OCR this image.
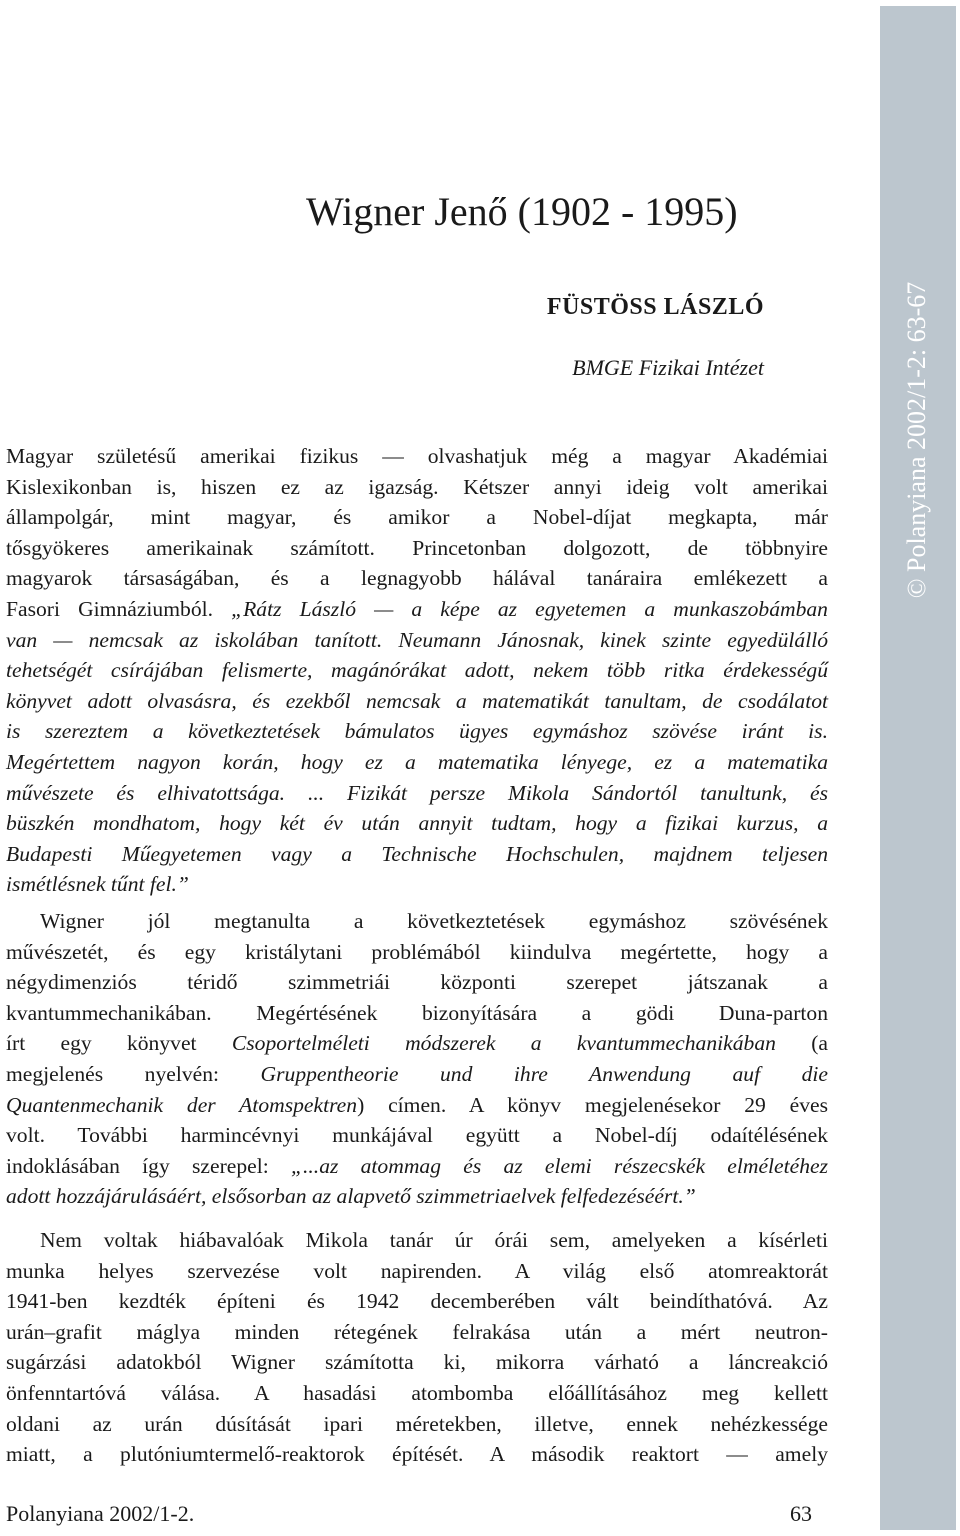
© Polanyiana 2002/1-2: 63-67
Wigner Jenő (1902 - 1995)
FÜSTÖSS LÁSZLÓ
BMGE Fizikai Intézet
Magyar születésű amerikai fizikus — olvashatjuk még a magyar Akadémiai
Kislexikonban is, hiszen ez az igazság. Kétszer annyi ideig volt amerikai
állampolgár, mint magyar, és amikor a Nobel-díjat megkapta, már
tősgyökeres amerikainak számított. Princetonban dolgozott, de többnyire
magyarok társaságában, és a legnagyobb hálával tanáraira emlékezett a
Fasori Gimnáziumból. „Rátz László — a képe az egyetemen a munkaszobámban
van — nemcsak az iskolában tanított. Neumann Jánosnak, kinek szinte egyedülálló
tehetségét csírájában felismerte, magánórákat adott, nekem több ritka érdekességű
könyvet adott olvasásra, és ezekből nemcsak a matematikát tanultam, de csodálatot
is szereztem a következtetések bámulatos ügyes egymáshoz szövése iránt is.
Megértettem nagyon korán, hogy ez a matematika lényege, ez a matematika
művészete és elhivatottsága. ... Fizikát persze Mikola Sándortól tanultunk, és
büszkén mondhatom, hogy két év után annyit tudtam, hogy a fizikai kurzus, a
Budapesti Műegyetemen vagy a Technische Hochschulen, majdnem teljesen
ismétlésnek tűnt fel.”
Wigner jól megtanulta a következtetések egymáshoz szövésének
művészetét, és egy kristálytani problémából kiindulva megértette, hogy a
négydimenziós téridő szimmetriái központi szerepet játszanak a
kvantummechanikában. Megértésének bizonyítására a gödi Duna-parton
írt egy könyvet Csoportelméleti módszerek a kvantummechanikában (a
megjelenés nyelvén: Gruppentheorie und ihre Anwendung auf die
Quantenmechanik der Atomspektren) címen. A könyv megjelenésekor 29 éves
volt. További harmincévnyi munkájával együtt a Nobel-díj odaítélésének
indoklásában így szerepel: „...az atommag és az elemi részecskék elméletéhez
adott hozzájárulásáért, elsősorban az alapvető szimmetriaelvek felfedezéséért.”
Nem voltak hiábavalóak Mikola tanár úr órái sem, amelyeken a kísérleti
munka helyes szervezése volt napirenden. A világ első atomreaktorát
1941-ben kezdték építeni és 1942 decemberében vált beindíthatóvá. Az
urán–grafit máglya minden rétegének felrakása után a mért neutron-
sugárzási adatokból Wigner számította ki, mikorra várható a láncreakció
önfenntartóvá válása. A hasadási atombomba előállításához meg kellett
oldani az urán dúsítását ipari méretekben, illetve, ennek nehézkessége
miatt, a plutóniumtermelő-reaktorok építését. A második reaktort — amely
Polanyiana 2002/1-2.	63
